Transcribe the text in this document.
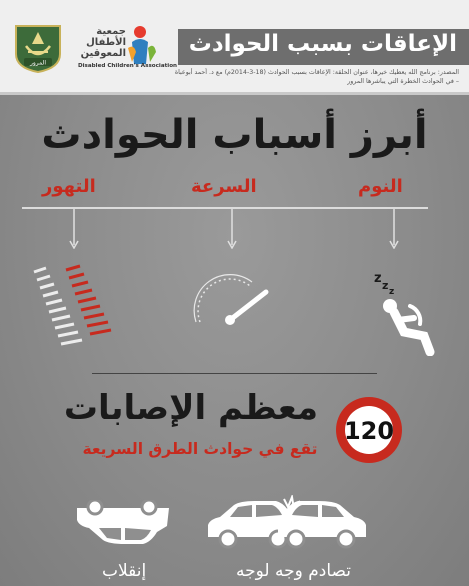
الإعاقات بسبب الحوادث
المصدر: برنامج الله يعطيك خيرها، عنوان الحلقة: الإعاقات بسبب الحوادث (18-3-2014م) مع د. أحمد أبوعباة
– في الحوادث الخطرة التي يباشرها المرور
المرور
جمعية الأطفال المعوقين
Disabled Children's Association
أبرز أسباب الحوادث
النوم
السرعة
التهور
z z z
معظم الإصابات
تقع في حوادث الطرق السريعة
120
تصادم وجه لوجه
إنقلاب
